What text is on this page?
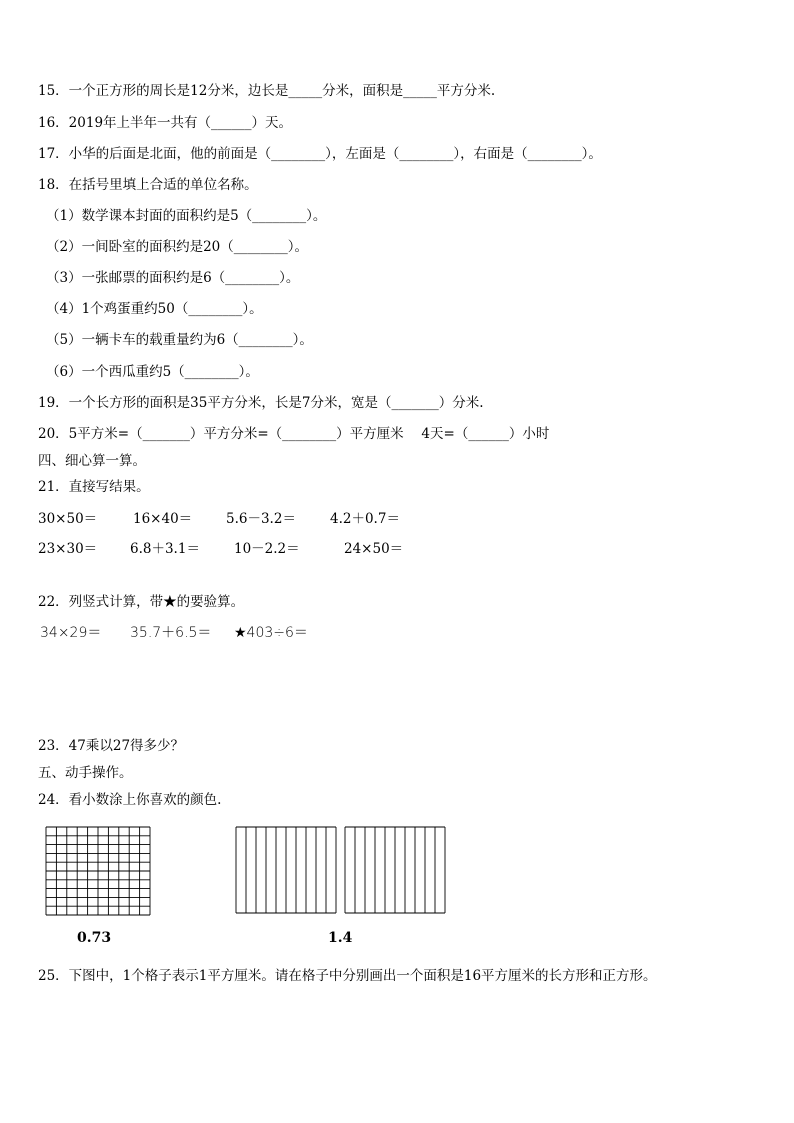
15．一个正方形的周长是12分米，边长是_____分米，面积是_____平方分米.
16．2019年上半年一共有（______）天。
17．小华的后面是北面，他的前面是（________），左面是（________），右面是（________）。
18．在括号里填上合适的单位名称。
（1）数学课本封面的面积约是5（________）。
（2）一间卧室的面积约是20（________）。
（3）一张邮票的面积约是6（________）。
（4）1个鸡蛋重约50（________）。
（5）一辆卡车的载重量约为6（________）。
（6）一个西瓜重约5（________）。
19．一个长方形的面积是35平方分米，长是7分米，宽是（_______）分米.
20．5平方米=（_______）平方分米=（________）平方厘米　 4天=（______）小时
四、细心算一算。
21．直接写结果。
30×50＝	16×40＝	5.6－3.2＝	4.2＋0.7＝
23×30＝ 6.8＋3.1＝	10－2.2＝	24×50＝
22．列竖式计算，带★的要验算。
34×29＝ 35.7＋6.5＝ ★403÷6＝
23．47乘以27得多少？
五、动手操作。
24．看小数涂上你喜欢的颜色.
0.73	1.4
25．下图中，1个格子表示1平方厘米。请在格子中分别画出一个面积是16平方厘米的长方形和正方形。
